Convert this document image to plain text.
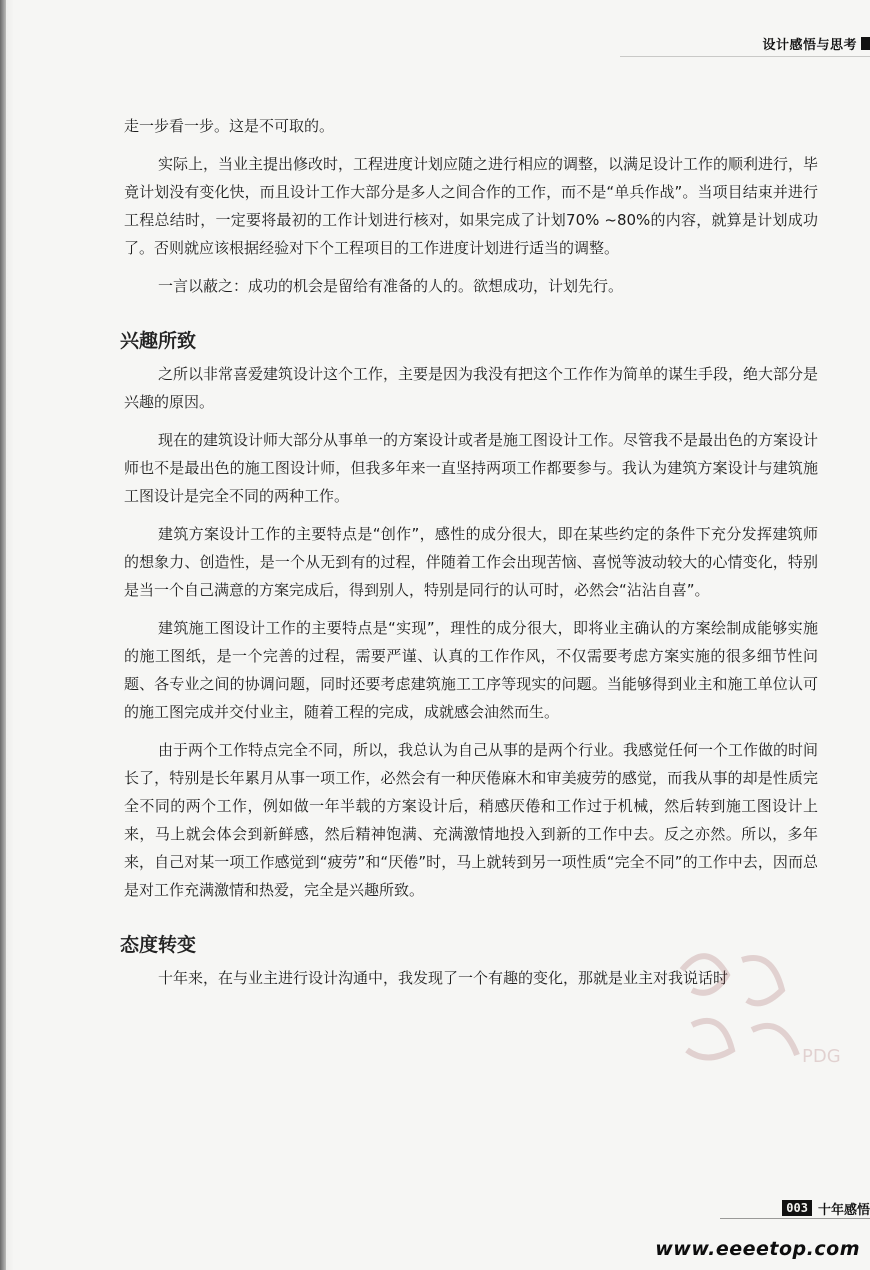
设计感悟与思考

走一步看一步。这是不可取的。

实际上，当业主提出修改时，工程进度计划应随之进行相应的调整，以满足设计工作的顺利进行，毕竟计划没有变化快，而且设计工作大部分是多人之间合作的工作，而不是“单兵作战”。当项目结束并进行工程总结时，一定要将最初的工作计划进行核对，如果完成了计划70% ~80%的内容，就算是计划成功了。否则就应该根据经验对下个工程项目的工作进度计划进行适当的调整。

一言以蔽之：成功的机会是留给有准备的人的。欲想成功，计划先行。

兴趣所致

之所以非常喜爱建筑设计这个工作，主要是因为我没有把这个工作作为简单的谋生手段，绝大部分是兴趣的原因。

现在的建筑设计师大部分从事单一的方案设计或者是施工图设计工作。尽管我不是最出色的方案设计师也不是最出色的施工图设计师，但我多年来一直坚持两项工作都要参与。我认为建筑方案设计与建筑施工图设计是完全不同的两种工作。

建筑方案设计工作的主要特点是“创作”，感性的成分很大，即在某些约定的条件下充分发挥建筑师的想象力、创造性，是一个从无到有的过程，伴随着工作会出现苦恼、喜悦等波动较大的心情变化，特别是当一个自己满意的方案完成后，得到别人，特别是同行的认可时，必然会“沾沾自喜”。

建筑施工图设计工作的主要特点是“实现”，理性的成分很大，即将业主确认的方案绘制成能够实施的施工图纸，是一个完善的过程，需要严谨、认真的工作作风，不仅需要考虑方案实施的很多细节性问题、各专业之间的协调问题，同时还要考虑建筑施工工序等现实的问题。当能够得到业主和施工单位认可的施工图完成并交付业主，随着工程的完成，成就感会油然而生。

由于两个工作特点完全不同，所以，我总认为自己从事的是两个行业。我感觉任何一个工作做的时间长了，特别是长年累月从事一项工作，必然会有一种厌倦麻木和审美疲劳的感觉，而我从事的却是性质完全不同的两个工作，例如做一年半载的方案设计后，稍感厌倦和工作过于机械，然后转到施工图设计上来，马上就会体会到新鲜感，然后精神饱满、充满激情地投入到新的工作中去。反之亦然。所以，多年来，自己对某一项工作感觉到“疲劳”和“厌倦”时，马上就转到另一项性质“完全不同”的工作中去，因而总是对工作充满激情和热爱，完全是兴趣所致。

态度转变

十年来，在与业主进行设计沟通中，我发现了一个有趣的变化，那就是业主对我说话时

PDG
003 十年感悟
www.eeeetop.com
